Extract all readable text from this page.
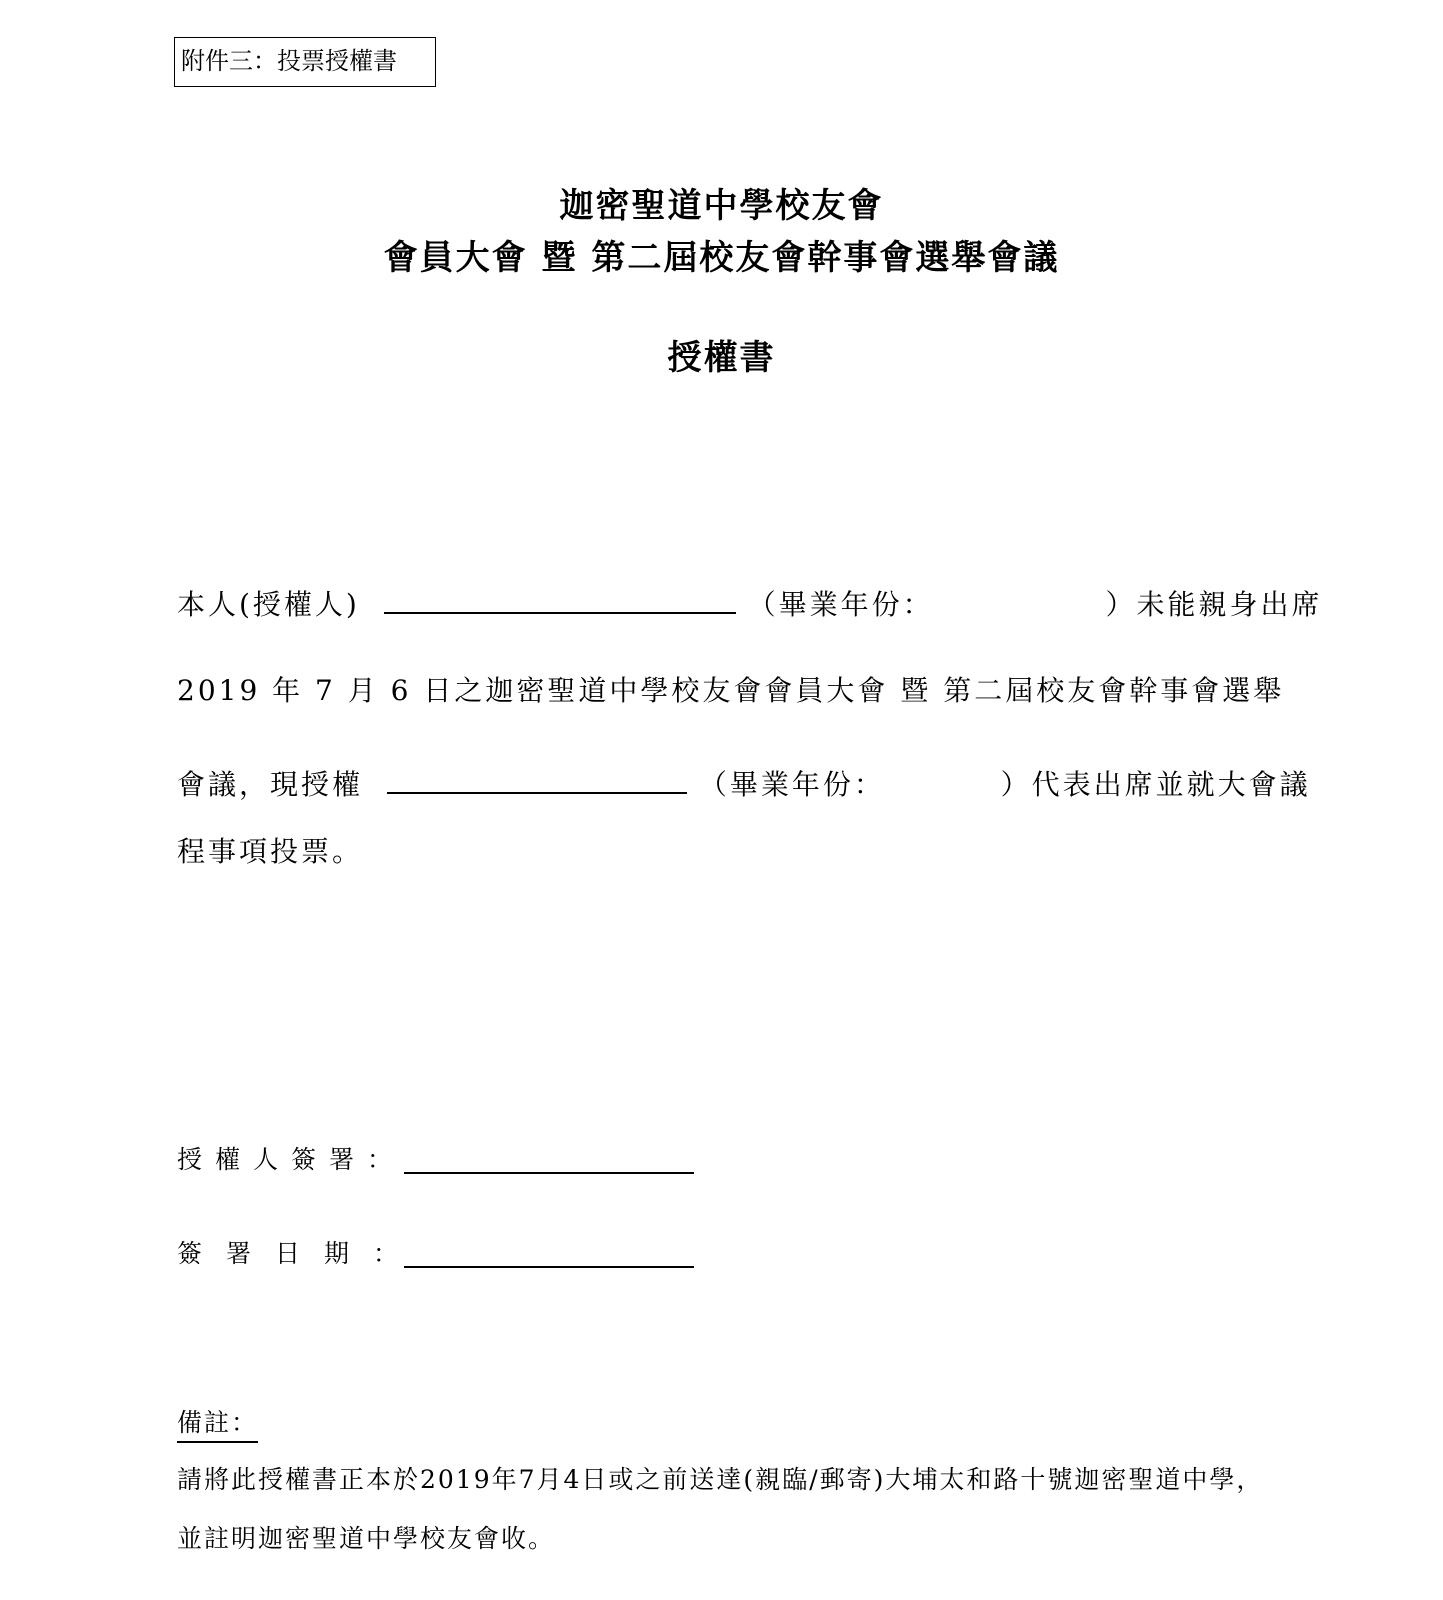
附件三：投票授權書
迦密聖道中學校友會
會員大會 暨 第二屆校友會幹事會選舉會議
授權書
本人(授權人)	（畢業年份：	）未能親身出席
2019 年 7 月 6 日之迦密聖道中學校友會會員大會 暨 第二屆校友會幹事會選舉
會議，現授權	（畢業年份：	）代表出席並就大會議
程事項投票。
授權人簽署：
簽署日期：
備註：
請將此授權書正本於2019年7月4日或之前送達(親臨/郵寄)大埔太和路十號迦密聖道中學，
並註明迦密聖道中學校友會收。
